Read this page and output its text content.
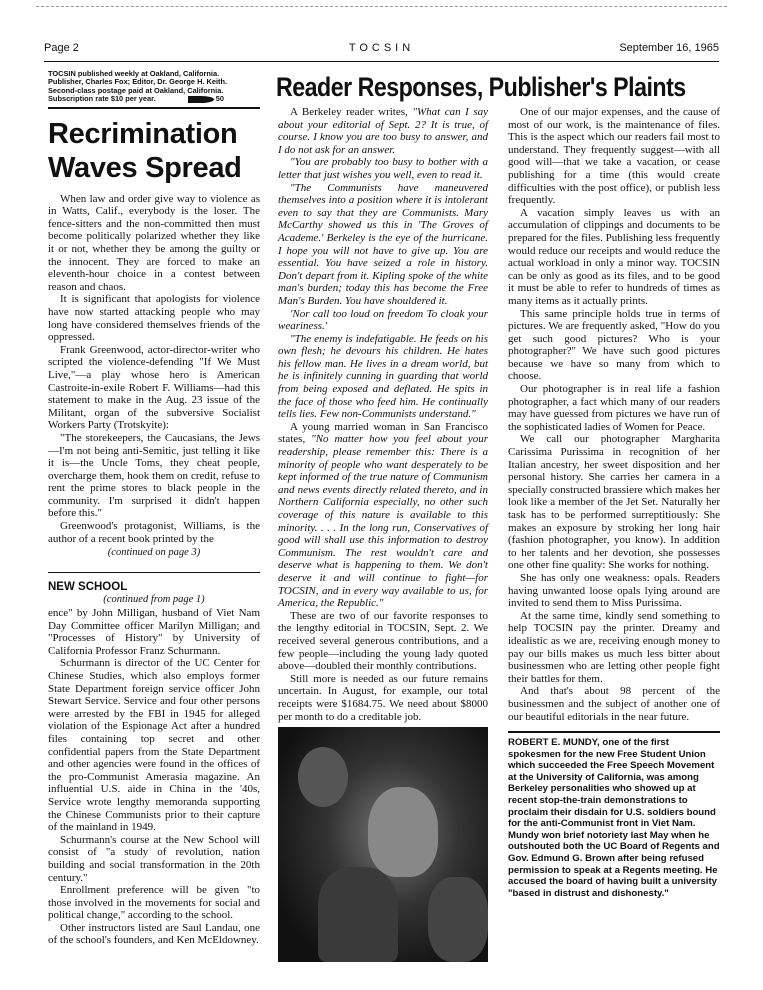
Page 2	TOCSIN	September 16, 1965
Reader Responses, Publisher's Plaints
TOCSIN published weekly at Oakland, California.
Publisher, Charles Fox; Editor, Dr. George H. Keith.
Second-class postage paid at Oakland, California.
Subscription rate $10 per year.	50
Recrimination Waves Spread

When law and order give way to violence as in Watts, Calif., everybody is the loser. The fence-sitters and the non-committed then must become politically polarized whether they like it or not, whether they be among the guilty or the innocent. They are forced to make an eleventh-hour choice in a contest between reason and chaos.

It is significant that apologists for violence have now started attacking people who may long have considered themselves friends of the oppressed.

Frank Greenwood, actor-director-writer who scripted the violence-defending "If We Must Live,"—a play whose hero is American Castroite-in-exile Robert F. Williams—had this statement to make in the Aug. 23 issue of the Militant, organ of the subversive Socialist Workers Party (Trotskyite):

"The storekeepers, the Caucasians, the Jews—I'm not being anti-Semitic, just telling it like it is—the Uncle Toms, they cheat people, overcharge them, hook them on credit, refuse to rent the prime stores to black people in the community. I'm surprised it didn't happen before this."

Greenwood's protagonist, Williams, is the author of a recent book printed by the

(continued on page 3)
NEW SCHOOL
(continued from page 1)

ence" by John Milligan, husband of Viet Nam Day Committee officer Marilyn Milligan; and "Processes of History" by University of California Professor Franz Schurmann.

Schurmann is director of the UC Center for Chinese Studies, which also employs former State Department foreign service officer John Stewart Service. Service and four other persons were arrested by the FBI in 1945 for alleged violation of the Espionage Act after a hundred files containing top secret and other confidential papers from the State Department and other agencies were found in the offices of the pro-Communist Amerasia magazine. An influential U.S. aide in China in the '40s, Service wrote lengthy memoranda supporting the Chinese Communists prior to their capture of the mainland in 1949.

Schurmann's course at the New School will consist of "a study of revolution, nation building and social transformation in the 20th century."

Enrollment preference will be given "to those involved in the movements for social and political change," according to the school.

Other instructors listed are Saul Landau, one of the school's founders, and Ken McEldowney.

A Berkeley reader writes, "What can I say about your editorial of Sept. 2? It is true, of course. I know you are too busy to answer, and I do not ask for an answer.

"You are probably too busy to bother with a letter that just wishes you well, even to read it.

"The Communists have maneuvered themselves into a position where it is intolerant even to say that they are Communists. Mary McCarthy showed us this in 'The Groves of Academe.' Berkeley is the eye of the hurricane. I hope you will not have to give up. You are essential. You have seized a role in history. Don't depart from it. Kipling spoke of the white man's burden; today this has become the Free Man's Burden. You have shouldered it.

'Nor call too loud on freedom To cloak your weariness.'

"The enemy is indefatigable. He feeds on his own flesh; he devours his children. He hates his fellow man. He lives in a dream world, but he is infinitely cunning in guarding that world from being exposed and deflated. He spits in the face of those who feed him. He continually tells lies. Few non-Communists understand."

A young married woman in San Francisco states, "No matter how you feel about your readership, please remember this: There is a minority of people who want desperately to be kept informed of the true nature of Communism and news events directly related thereto, and in Northern California especially, no other such coverage of this nature is available to this minority. . . . In the long run, Conservatives of good will shall use this information to destroy Communism. The rest wouldn't care and deserve what is happening to them. We don't deserve it and will continue to fight—for TOCSIN, and in every way available to us, for America, the Republic."

These are two of our favorite responses to the lengthy editorial in TOCSIN, Sept. 2. We received several generous contributions, and a few people—including the young lady quoted above—doubled their monthly contributions.

Still more is needed as our future remains uncertain. In August, for example, our total receipts were $1684.75. We need about $8000 per month to do a creditable job.

One of our major expenses, and the cause of most of our work, is the maintenance of files. This is the aspect which our readers fail most to understand. They frequently suggest—with all good will—that we take a vacation, or cease publishing for a time (this would create difficulties with the post office), or publish less frequently.

A vacation simply leaves us with an accumulation of clippings and documents to be prepared for the files. Publishing less frequently would reduce our receipts and would reduce the actual workload in only a minor way. TOCSIN can be only as good as its files, and to be good it must be able to refer to hundreds of times as many items as it actually prints.

This same principle holds true in terms of pictures. We are frequently asked, "How do you get such good pictures? Who is your photographer?" We have such good pictures because we have so many from which to choose.

Our photographer is in real life a fashion photographer, a fact which many of our readers may have guessed from pictures we have run of the sophisticated ladies of Women for Peace.

We call our photographer Margharita Carissima Purissima in recognition of her Italian ancestry, her sweet disposition and her personal history. She carries her camera in a specially constructed brassiere which makes her look like a member of the Jet Set. Naturally her task has to be performed surreptitiously: She makes an exposure by stroking her long hair (fashion photographer, you know). In addition to her talents and her devotion, she possesses one other fine quality: She works for nothing.

She has only one weakness: opals. Readers having unwanted loose opals lying around are invited to send them to Miss Purissima.

At the same time, kindly send something to help TOCSIN pay the printer. Dreamy and idealistic as we are, receiving enough money to pay our bills makes us much less bitter about businessmen who are letting other people fight their battles for them.

And that's about 98 percent of the businessmen and the subject of another one of our beautiful editorials in the near future.

ROBERT E. MUNDY, one of the first spokesmen for the new Free Student Union which succeeded the Free Speech Movement at the University of California, was among Berkeley personalities who showed up at recent stop-the-train demonstrations to proclaim their disdain for U.S. soldiers bound for the anti-Communist front in Viet Nam. Mundy won brief notoriety last May when he outshouted both the UC Board of Regents and Gov. Edmund G. Brown after being refused permission to speak at a Regents meeting. He accused the board of having built a university "based in distrust and dishonesty."
